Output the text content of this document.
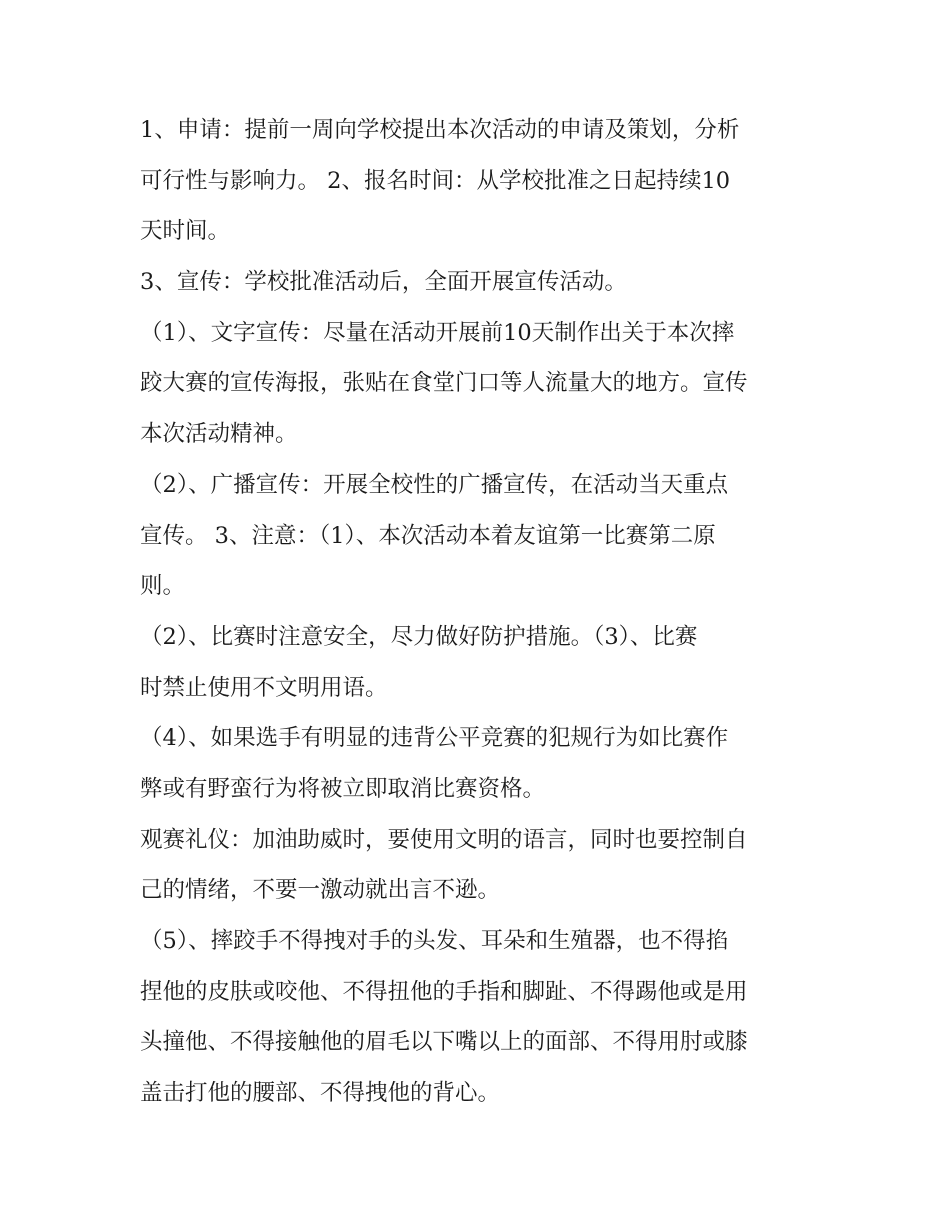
1、申请：提前一周向学校提出本次活动的申请及策划，分析
可行性与影响力。 2、报名时间：从学校批准之日起持续10
天时间。
3、宣传：学校批准活动后，全面开展宣传活动。
（1）、文字宣传：尽量在活动开展前10天制作出关于本次摔
跤大赛的宣传海报，张贴在食堂门口等人流量大的地方。宣传
本次活动精神。
（2）、广播宣传：开展全校性的广播宣传，在活动当天重点
宣传。 3、注意：（1）、本次活动本着友谊第一比赛第二原
则。
（2）、比赛时注意安全，尽力做好防护措施。（3）、比赛
时禁止使用不文明用语。
（4）、如果选手有明显的违背公平竞赛的犯规行为如比赛作
弊或有野蛮行为将被立即取消比赛资格。
观赛礼仪：加油助威时，要使用文明的语言，同时也要控制自
己的情绪，不要一激动就出言不逊。
（5）、摔跤手不得拽对手的头发、耳朵和生殖器，也不得掐
捏他的皮肤或咬他、不得扭他的手指和脚趾、不得踢他或是用
头撞他、不得接触他的眉毛以下嘴以上的面部、不得用肘或膝
盖击打他的腰部、不得拽他的背心。
